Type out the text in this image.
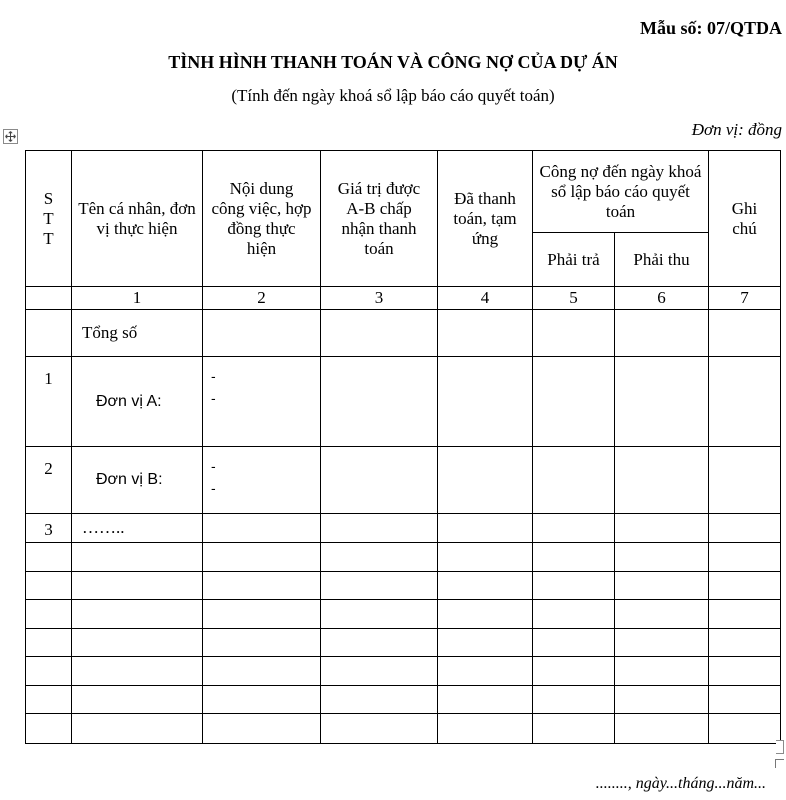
Mẫu số: 07/QTDA
TÌNH HÌNH THANH TOÁN VÀ CÔNG NỢ CỦA DỰ ÁN
(Tính đến ngày khoá sổ lập báo cáo quyết toán)
Đơn vị: đồng
S
T
T	Tên cá nhân, đơn vị thực hiện	Nội dung công việc, hợp đồng thực hiện	Giá trị được A-B chấp nhận thanh toán	Đã thanh toán, tạm ứng	Công nợ đến ngày khoá sổ lập báo cáo quyết toán		Ghi chú
					Phải trả	Phải thu	
	1	2	3	4	5	6	7
	Tổng số						
1	Đơn vị A:	-
-					

2	Đơn vị B:	-
-					

3	……..						

........, ngày...tháng...năm...
